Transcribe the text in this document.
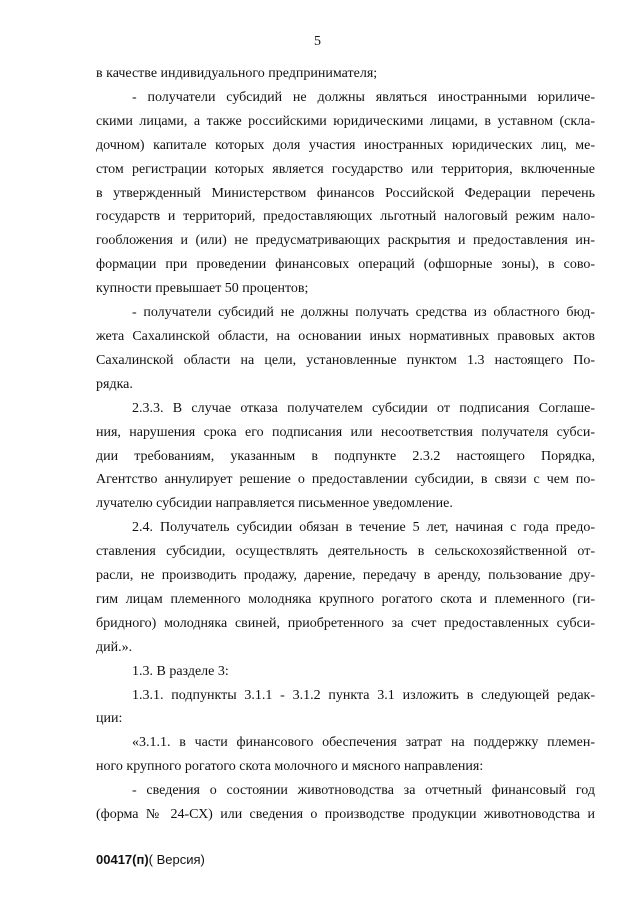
5
в качестве индивидуального предпринимателя;
- получатели субсидий не должны являться иностранными юриличе-
скими лицами, а также российскими юридическими лицами, в уставном (скла-
дочном) капитале которых доля участия иностранных юридических лиц, ме-
стом регистрации которых является государство или территория, включенные
в утвержденный Министерством финансов Российской Федерации перечень
государств и территорий, предоставляющих льготный налоговый режим нало-
гообложения и (или) не предусматривающих раскрытия и предоставления ин-
формации при проведении финансовых операций (офшорные зоны), в сово-
купности превышает 50 процентов;
- получатели субсидий не должны получать средства из областного бюд-
жета Сахалинской области, на основании иных нормативных правовых актов
Сахалинской области на цели, установленные пунктом 1.3 настоящего По-
рядка.
2.3.3. В случае отказа получателем субсидии от подписания Соглаше-
ния, нарушения срока его подписания или несоответствия получателя субси-
дии требованиям, указанным в подпункте 2.3.2 настоящего Порядка,
Агентство аннулирует решение о предоставлении субсидии, в связи с чем по-
лучателю субсидии направляется письменное уведомление.
2.4. Получатель субсидии обязан в течение 5 лет, начиная с года предо-
ставления субсидии, осуществлять деятельность в сельскохозяйственной от-
расли, не производить продажу, дарение, передачу в аренду, пользование дру-
гим лицам племенного молодняка крупного рогатого скота и племенного (ги-
бридного) молодняка свиней, приобретенного за счет предоставленных субси-
дий.».
1.3. В разделе 3:
1.3.1. подпункты 3.1.1 - 3.1.2 пункта 3.1 изложить в следующей редак-
ции:
«3.1.1. в части финансового обеспечения затрат на поддержку племен-
ного крупного рогатого скота молочного и мясного направления:
- сведения о состоянии животноводства за отчетный финансовый год
(форма № 24-СХ) или сведения о производстве продукции животноводства и
00417(п)( Версия)
